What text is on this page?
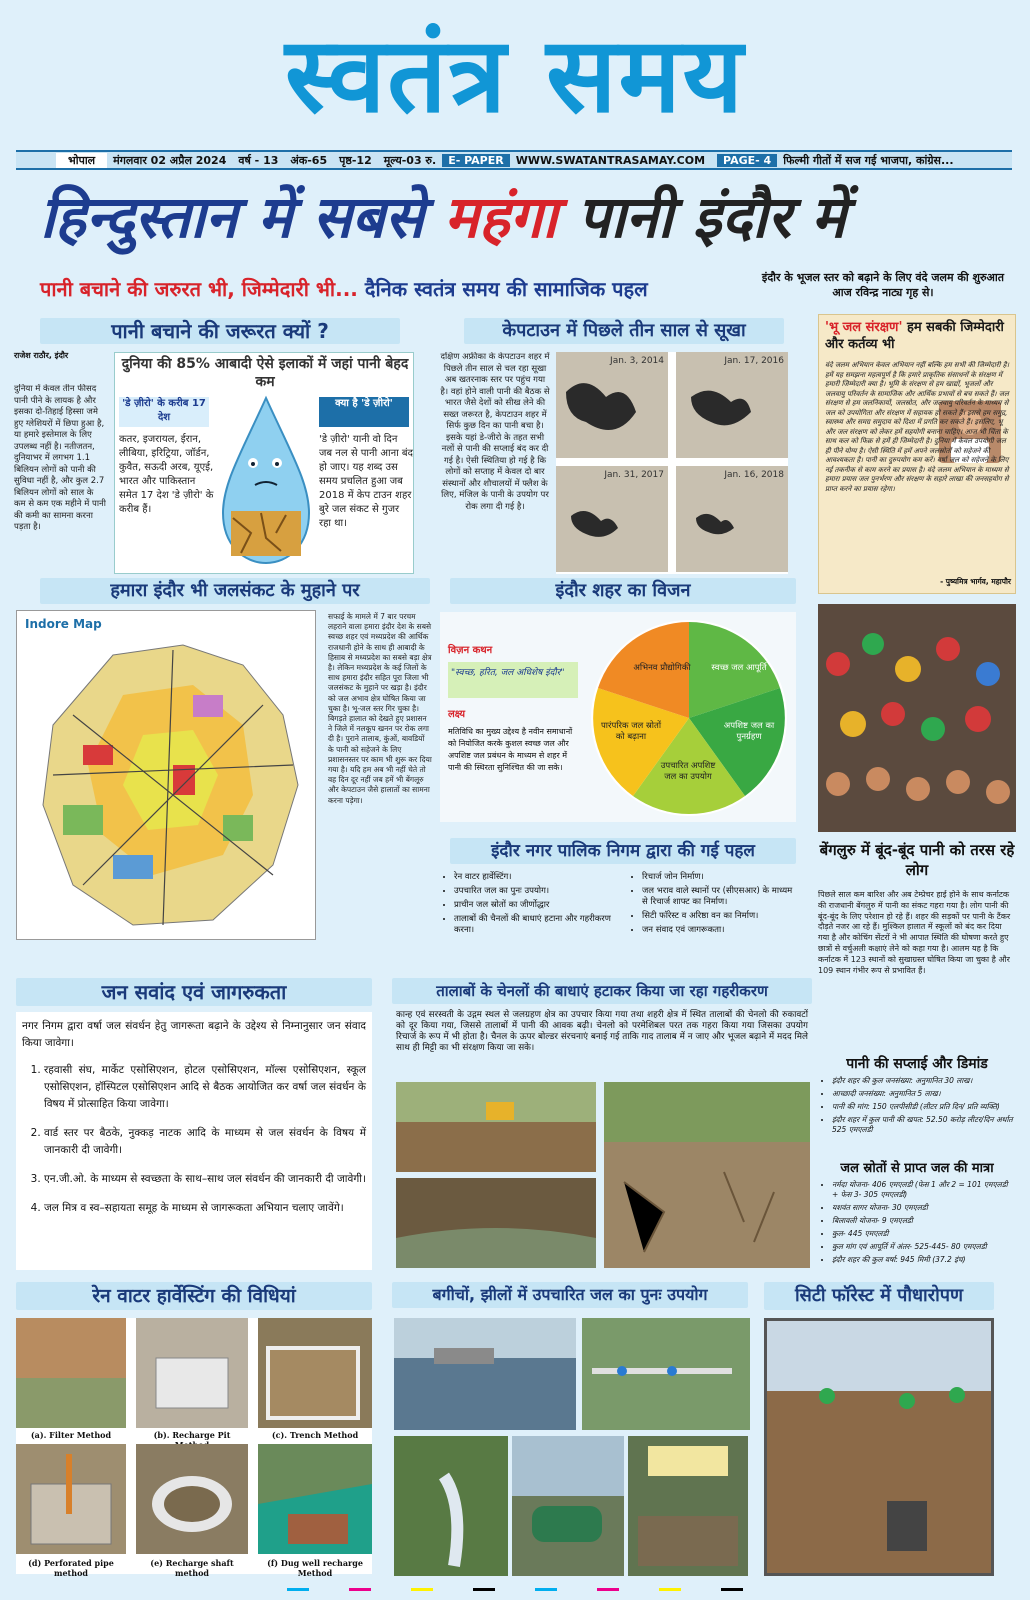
स्वतंत्र समय
भोपाल	मंगलवार 02 अप्रैल 2024	वर्ष - 13	अंक-65	पृष्ठ-12	मूल्य-03 रु.	E- PAPER	WWW.SWATANTRASAMAY.COM	PAGE- 4	फिल्मी गीतों में सज गई भाजपा, कांग्रेस...
हिन्दुस्तान में सबसे महंगा पानी इंदौर में
पानी बचाने की जरुरत भी, जिम्मेदारी भी... दैनिक स्वतंत्र समय की सामाजिक पहल	इंदौर के भूजल स्तर को बढ़ाने के लिए वंदे जलम की शुरुआत आज रविन्द्र नाट्य गृह से।
पानी बचाने की जरूरत क्यों ?
राजेश राठौर, इंदौर
दुनिया में केवल तीन फीसद पानी पीने के लायक है और इसका दो-तिहाई हिस्सा जमे हुए ग्लेशियरों में छिपा हुआ है, या हमारे इस्तेमाल के लिए उपलब्ध नहीं है। नतीजतन, दुनियाभर में लगभग 1.1 बिलियन लोगों को पानी की सुविधा नहीं है, और कुल 2.7 बिलियन लोगों को साल के कम से कम एक महीने में पानी की कमी का सामना करना पड़ता है।
दुनिया की 85% आबादी ऐसे इलाकों में जहां पानी बेहद कम
'डे ज़ीरो' के करीब 17 देश
कतर, इजरायल, ईरान, लीबिया, इरिट्रिया, जॉर्डन, कुवैत, सऊदी अरब, यूएई, भारत और पाकिस्तान समेत 17 देश 'डे ज़ीरो' के करीब हैं।
क्या है 'डे ज़ीरो'
'डे ज़ीरो' यानी वो दिन जब नल से पानी आना बंद हो जाए। यह शब्द उस समय प्रचलित हुआ जब 2018 में केप टाउन शहर बुरे जल संकट से गुजर रहा था।
केपटाउन में पिछले तीन साल से सूखा
दक्षिण अफ्रीका के केपटाउन शहर में पिछले तीन साल से चल रहा सूखा अब खतरनाक स्तर पर पहुंच गया है। वहां होने वाली पानी की बैठक से भारत जैसे देशों को सीख लेने की सख्त जरूरत है, केपटाउन शहर में सिर्फ कुछ दिन का पानी बचा है। इसके यहां डे-जीरो के तहत सभी नलों से पानी की सप्लाई बंद कर दी गई है। ऐसी स्थितिया हो गई है कि लोगों को सप्ताह में केवल दो बार संस्थानों और शौचालयों में फ्लैश के लिए, मंजिल के पानी के उपयोग पर रोक लगा दी गई है।
Jan. 3, 2014	Jan. 17, 2016
Jan. 31, 2017	Jan. 16, 2018
'भू जल संरक्षण' हम सबकी जिम्मेदारी और कर्तव्य भी
वंदे जलम अभियान केवल अभियान नहीं बल्कि हम सभी की जिम्मेदारी है। हमें यह समझना महत्वपूर्ण है कि हमारे प्राकृतिक संसाधनों के संरक्षण में हमारी जिम्मेदारी क्या है। भूमि के संरक्षण से हम खाद्यों, भूजलों और जलवायु परिवर्तन के सामाजिक और आर्थिक प्रभावों से बच सकते हैं। जल संरक्षण से हम जलनिकायों, जलस्रोत, और जलवायु परिवर्तन के माध्यम से जल को उपयोगिता और संरक्षण में सहायक हो सकते हैं। इससे हम समुद्र, स्वास्थ्य और समग्र समुदाय को दिशा में प्रगति कर सकते हैं। इसलिए, भू और जल संरक्षण को लेकर हमें सहयोगी बनाना चाहिए। आज भी चिंता के साथ कल को फिक्र से हमें ही जिम्मेदारी है। दुनिया में केवल उपयोगी जल ही पीने योग्य है। ऐसी स्थिति में हमें अपने जलस्रोतों को सहेजने की आवश्यकता है। पानी का दुरुपयोग कम करें। वर्षा जल को सहेजने के लिए नई तकनीक से काम करने का प्रयास है। वंदे जलम अभियान के माध्यम से हमारा प्रयास जल पुनर्भरण और संरक्षण के सहारे लाखा की जनसहयोग से प्राप्त करने का प्रयास रहेगा।
- पुष्यमित्र भार्गव, महापौर
हमारा इंदौर भी जलसंकट के मुहाने पर
Indore Map
सफाई के मामले में 7 बार परचम लहराने वाला हमारा इंदौर देश के सबसे स्वच्छ शहर एवं मध्यप्रदेश की आर्थिक राजधानी होने के साथ ही आबादी के हिसाब से मध्यप्रदेश का सबसे बड़ा क्षेत्र है। लेकिन मध्यप्रदेश के कई जिलों के साथ हमारा इंदौर सहित पूरा जिला भी जलसंकट के मुहाने पर खड़ा है। इंदौर को जल अभाव क्षेत्र घोषित किया जा चुका है। भू-जल स्तर गिर चुका है। बिगड़ते हालात को देखते हुए प्रशासन ने जिले में नलकूप खनन पर रोक लगा दी है। पुराने तालाब, कुंओं, बावडियों के पानी को सहेजने के लिए प्रशासनस्तर पर काम भी शुरू कर दिया गया है। यदि हम अब भी नहीं चेते तो वह दिन दूर नहीं जब हमें भी बेंगलूरु और केपटाउन जैसे हालातों का सामना करना पड़ेगा।
इंदौर शहर का विजन
विज़न कथन
"स्वच्छ, हरित, जल अधिशेष इंदौर"
लक्ष्य
मतिविधि का मुख्य उद्देश्य है नवीन समाधानों को नियोजित करके कुशल स्वच्छ जल और अपशिष्ट जल प्रबंधन के माध्यम से शहर में पानी की स्थिरता सुनिश्चित की जा सके।
अभिनव प्रौद्योगिकी	स्वच्छ जल आपूर्ति
अपशिष्ट जल का पुनर्ग्रहण
उपचारित अपशिष्ट जल का उपयोग
पारंपरिक जल स्रोतों को बढ़ाना
इंदौर नगर पालिक निगम द्वारा की गई पहल
• रेन वाटर हार्वेस्टिंग।
• उपचारित जल का पुनः उपयोग।
• प्राचीन जल स्रोतों का जीर्णोद्धार
• तालाबों की चैनलों की बाधाएं हटाना और गहरीकरण करना।
• रिचार्ज जोन निर्माण।
• जल भराव वाले स्थानों पर (सीएसआर) के माध्यम से रिचार्ज शाफ्ट का निर्माण।
• सिटी फॉरेस्ट व अरिष्ठा वन का निर्माण।
• जन संवाद एवं जागरूकता।
बेंगलुरु में बूंद-बूंद पानी को तरस रहे लोग
पिछले साल कम बारिश और अब टेम्प्रेचर हाई होने के साथ कर्नाटक की राजधानी बेंगलुरु में पानी का संकट गहरा गया है। लोग पानी की बूंद-बूंद के लिए परेशान हो रहे हैं। शहर की सड़कों पर पानी के टैंकर दौड़ते नजर आ रहे हैं। मुश्किल हालात में स्कूलों को बंद कर दिया गया है और कोचिंग सेंटरों ने भी आपात स्थिति की घोषणा करते हुए छात्रों से वर्चुअली कक्षाएं लेने को कहा गया है। आलम यह है कि कर्नाटक में 123 स्थानों को सुखाग्रस्त घोषित किया जा चुका है और 109 स्थान गंभीर रूप से प्रभावित हैं।
पानी की सप्लाई और डिमांड
• इंदौर शहर की कुल जनसंख्या: अनुमानित 30 लाख।
• आच्छादी जनसंख्या: अनुमानित 5 लाख।
• पानी की मांग: 150 एलपीसीडी (लीटर प्रति दिन/ प्रति व्यक्ति)
• इंदौर शहर में कुल पानी की खपत: 52.50 करोड़ लीटर/दिन अर्थात 525 एमएलडी
जल स्रोतों से प्राप्त जल की मात्रा
• नर्मदा योजना- 406 एमएलडी (फेस 1 और 2 = 101 एमएलडी + फेस 3- 305 एमएलडी)
• यशवंत सागर योजना- 30 एमएलडी
• बिलावली योजना- 9 एमएलडी
• कुल- 445 एमएलडी
• कुल मांग एवं आपूर्ति में अंतर- 525-445- 80 एमएलडी
• इंदौर शहर की कुल वर्षा: 945 मिमी (37.2 इंच)
जन सवांद एवं जागरुकता
नगर निगम द्वारा वर्षा जल संवर्धन हेतु जागरूता बढ़ाने के उद्देश्य से निम्नानुसार जन संवाद किया जावेगा।
1. रहवासी संघ, मार्केट एसोसिएशन, होटल एसोसिएशन, मॉल्स एसोसिएशन, स्कूल एसोसिएशन, हॉस्पिटल एसोसिएशन आदि से बैठक आयोजित कर वर्षा जल संवर्धन के विषय में प्रोत्साहित किया जावेगा।
2. वार्ड स्तर पर बैठके, नुक्कड़ नाटक आदि के माध्यम से जल संवर्धन के विषय में जानकारी दी जावेगी।
3. एन.जी.ओ. के माध्यम से स्वच्छता के साथ–साथ जल संवर्धन की जानकारी दी जावेगी।
4. जल मित्र व स्व–सहायता समूह के माध्यम से जागरूकता अभियान चलाए जावेंगे।
तालाबों के चेनलों की बाधाएं हटाकर किया जा रहा गहरीकरण
कान्ह एवं सरस्वती के उद्गम स्थल से जलग्रहण क्षेत्र का उपचार किया गया तथा शहरी क्षेत्र में स्थित तालाबों की चेनलो की रुकावटों को दूर किया गया, जिससे तालाबों में पानी की आवक बढ़ी। चेनलो को परमेशिबल परत तक गहरा किया गया जिसका उपयोग रिचार्ज के रूप में भी होता है। चैनल के ऊपर बोल्डर संरचनाएं बनाई गई ताकि गाद तालाब में न जाए और भूजल बढ़ाने में मदद मिले साथ ही मिट्टी का भी संरक्षण किया जा सके।
रेन वाटर हार्वेस्टिंग की विधियां
(a). Filter Method	(b). Recharge Pit	(c). Trench Method
(d) Perforated pipe method
(e) Recharge shaft method
(f) Dug well recharge Method
बगीचों, झीलों में उपचारित जल का पुनः उपयोग	सिटी फॉरेस्ट में पौधारोपण
